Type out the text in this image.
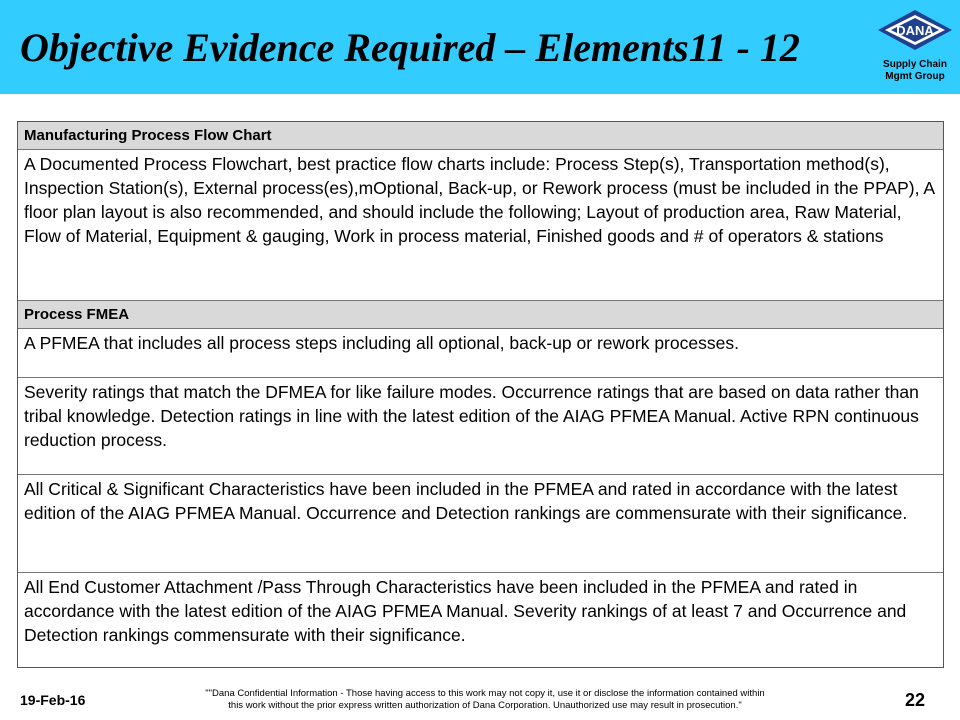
Objective Evidence Required – Elements11 - 12	DANA
Supply Chain
Mgmt Group
Manufacturing Process Flow Chart
A Documented Process Flowchart, best practice flow charts include: Process Step(s), Transportation method(s), Inspection Station(s), External process(es),mOptional, Back-up, or Rework process (must be included in the PPAP), A floor plan layout is also recommended, and should include the following; Layout of production area, Raw Material, Flow of Material, Equipment & gauging, Work in process material, Finished goods and # of operators & stations
Process FMEA
A PFMEA that includes all process steps including all optional, back-up or rework processes.
Severity ratings that match the DFMEA for like failure modes. Occurrence ratings that are based on data rather than tribal knowledge. Detection ratings in line with the latest edition of the AIAG PFMEA Manual. Active RPN continuous reduction process.
All Critical & Significant Characteristics have been included in the PFMEA and rated in accordance with the latest edition of the AIAG PFMEA Manual. Occurrence and Detection rankings are commensurate with their significance.
All End Customer Attachment /Pass Through Characteristics have been included in the PFMEA and rated in accordance with the latest edition of the AIAG PFMEA Manual. Severity rankings of at least 7 and Occurrence and Detection rankings commensurate with their significance.
19-Feb-16	""Dana Confidential Information - Those having access to this work may not copy it, use it or disclose the information contained within
this work without the prior express written authorization of Dana Corporation. Unauthorized use may result in prosecution."	22
